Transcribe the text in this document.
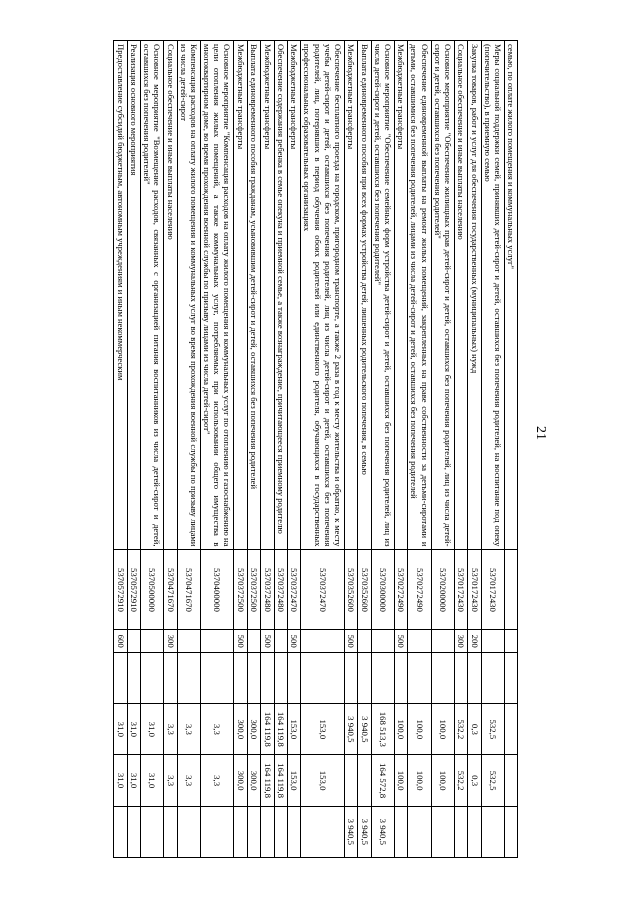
21
семью, по оплате жилого помещения и коммунальных услуг"						
Меры социальной поддержки семей, принявших детей-сирот и детей, оставшихся без попечения родителей, на воспитание под опеку (попечительство), в приемную семью	5370172430			532,5	532,5	
Закупка товаров, работ и услуг для обеспечения государственных (муниципальных) нужд	5370172430	200		0,3	0,3	
Социальное обеспечение и иные выплаты населению	5370172430	300		532,2	532,2	
Основное мероприятие "Обеспечение жилищных прав детей-сирот и детей, оставшихся без попечения родителей, лиц из числа детей-сирот и детей, оставшихся без попечения родителей"	5370200000			100,0	100,0	
Обеспечение единовременной выплаты на ремонт жилых помещений, закрепленных на праве собственности за детьми-сиротами и детьми, оставшимися без попечения родителей, лицами из числа детей-сирот и детей, оставшихся без попечения родителей	5370272490			100,0	100,0	
Межбюджетные трансферты	5370272490	500		100,0	100,0	
Основное мероприятие "Обеспечение семейных форм устройства детей-сирот и детей, оставшихся без попечения родителей, лиц из числа детей-сирот и детей, оставшихся без попечения родителей"	5370300000			168 513,3	164 572,8	3 940,5
Выплата единовременного пособия при всех формах устройства детей, лишенных родительского попечения, в семью	5370352600			3 940,5		3 940,5
Межбюджетные трансферты	5370352600	500		3 940,5		3 940,5
Обеспечение бесплатного проезда на городском, пригородном транспорте, а также 2 раза в год к месту жительства и обратно, к месту учебы детей-сирот и детей, оставшихся без попечения родителей, лиц из числа детей-сирот и детей, оставшихся без попечения родителей, лиц, потерявших в период обучения обоих родителей или единственного родителя, обучающихся в государственных профессиональных образовательных организациях	5370372470			153,0	153,0	
Межбюджетные трансферты	5370372470	500		153,0	153,0	
Обеспечение содержания ребенка в семье опекуна и приемной семье, а также вознаграждение, причитающееся приемному родителю	5370372480			164 119,8	164 119,8	
Межбюджетные трансферты	5370372480	500		164 119,8	164 119,8	
Выплата единовременного пособия гражданам, усыновившим детей-сирот и детей, оставшихся без попечения родителей	5370372500			300,0	300,0	
Межбюджетные трансферты	5370372500	500		300,0	300,0	
Основное мероприятие "Компенсация расходов на оплату жилого помещения и коммунальных услуг по отоплению и газоснабжению на цели отопления жилых помещений, а также коммунальных услуг, потребляемых при использовании общего имущества в многоквартирном доме, во время прохождения военной службы по призыву лицами из числа детей-сирот"	5370400000			3,3	3,3	
Компенсация расходов на оплату жилого помещения и коммунальных услуг во время прохождения военной службы по призыву лицами из числа детей-сирот	5370471670			3,3	3,3	
Социальное обеспечение и иные выплаты населению	5370471670	300		3,3	3,3	
Основное мероприятие "Возмещение расходов, связанных с организацией питания воспитанников из числа детей-сирот и детей, оставшихся без попечения родителей"	5370500000			31,0	31,0	
Реализация основного мероприятия	5370572910			31,0	31,0	
Предоставление субсидий бюджетным, автономным учреждениям и иным некоммерческим	5370572910	600		31,0	31,0	
